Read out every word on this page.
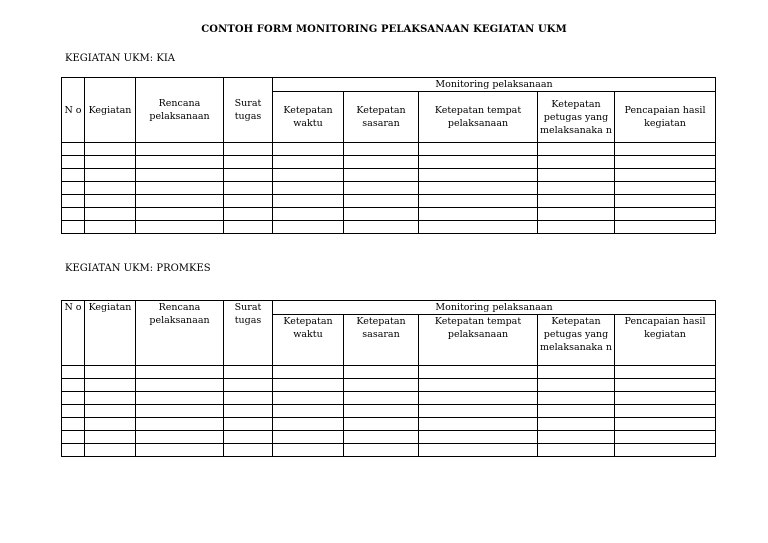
CONTOH FORM MONITORING PELAKSANAAN KEGIATAN UKM
KEGIATAN UKM: KIA
N o	Kegiatan	Rencana pelaksanaan	Surat tugas	Monitoring pelaksanaan				
				Ketepatan waktu	Ketepatan sasaran	Ketepatan tempat pelaksanaan	Ketepatan petugas yang melaksanaka n	Pencapaian hasil kegiatan

KEGIATAN UKM: PROMKES
N o	Kegiatan	Rencana pelaksanaan	Surat tugas	Monitoring pelaksanaan				
				Ketepatan waktu	Ketepatan sasaran	Ketepatan tempat pelaksanaan	Ketepatan petugas yang melaksanaka n	Pencapaian hasil kegiatan
